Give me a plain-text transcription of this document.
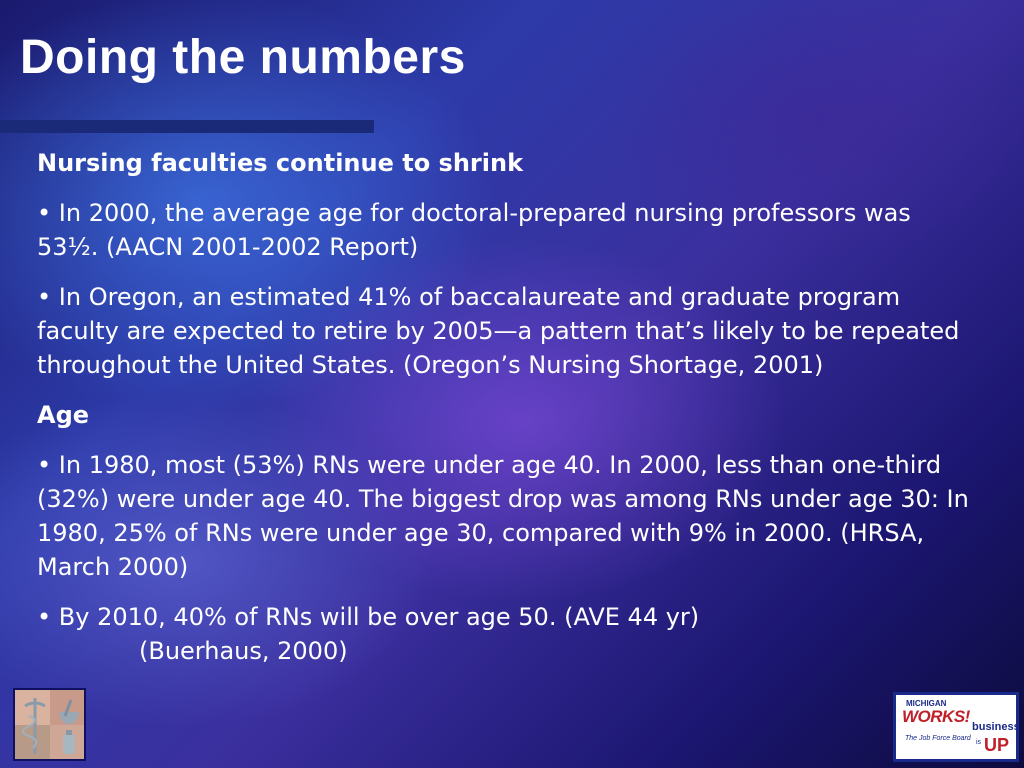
Doing the numbers

Nursing faculties continue to shrink

• In 2000, the average age for doctoral-prepared nursing professors was 53½. (AACN 2001-2002 Report)

• In Oregon, an estimated 41% of baccalaureate and graduate program faculty are expected to retire by 2005—a pattern that’s likely to be repeated throughout the United States. (Oregon’s Nursing Shortage, 2001)

Age

• In 1980, most (53%) RNs were under age 40. In 2000, less than one-third (32%) were under age 40. The biggest drop was among RNs under age 30: In 1980, 25% of RNs were under age 30, compared with 9% in 2000. (HRSA, March 2000)

• By 2010, 40% of RNs will be over age 50. (AVE 44 yr)

(Buerhaus, 2000)

MICHIGAN
WORKS!
The Job Force Board
business
is UP
